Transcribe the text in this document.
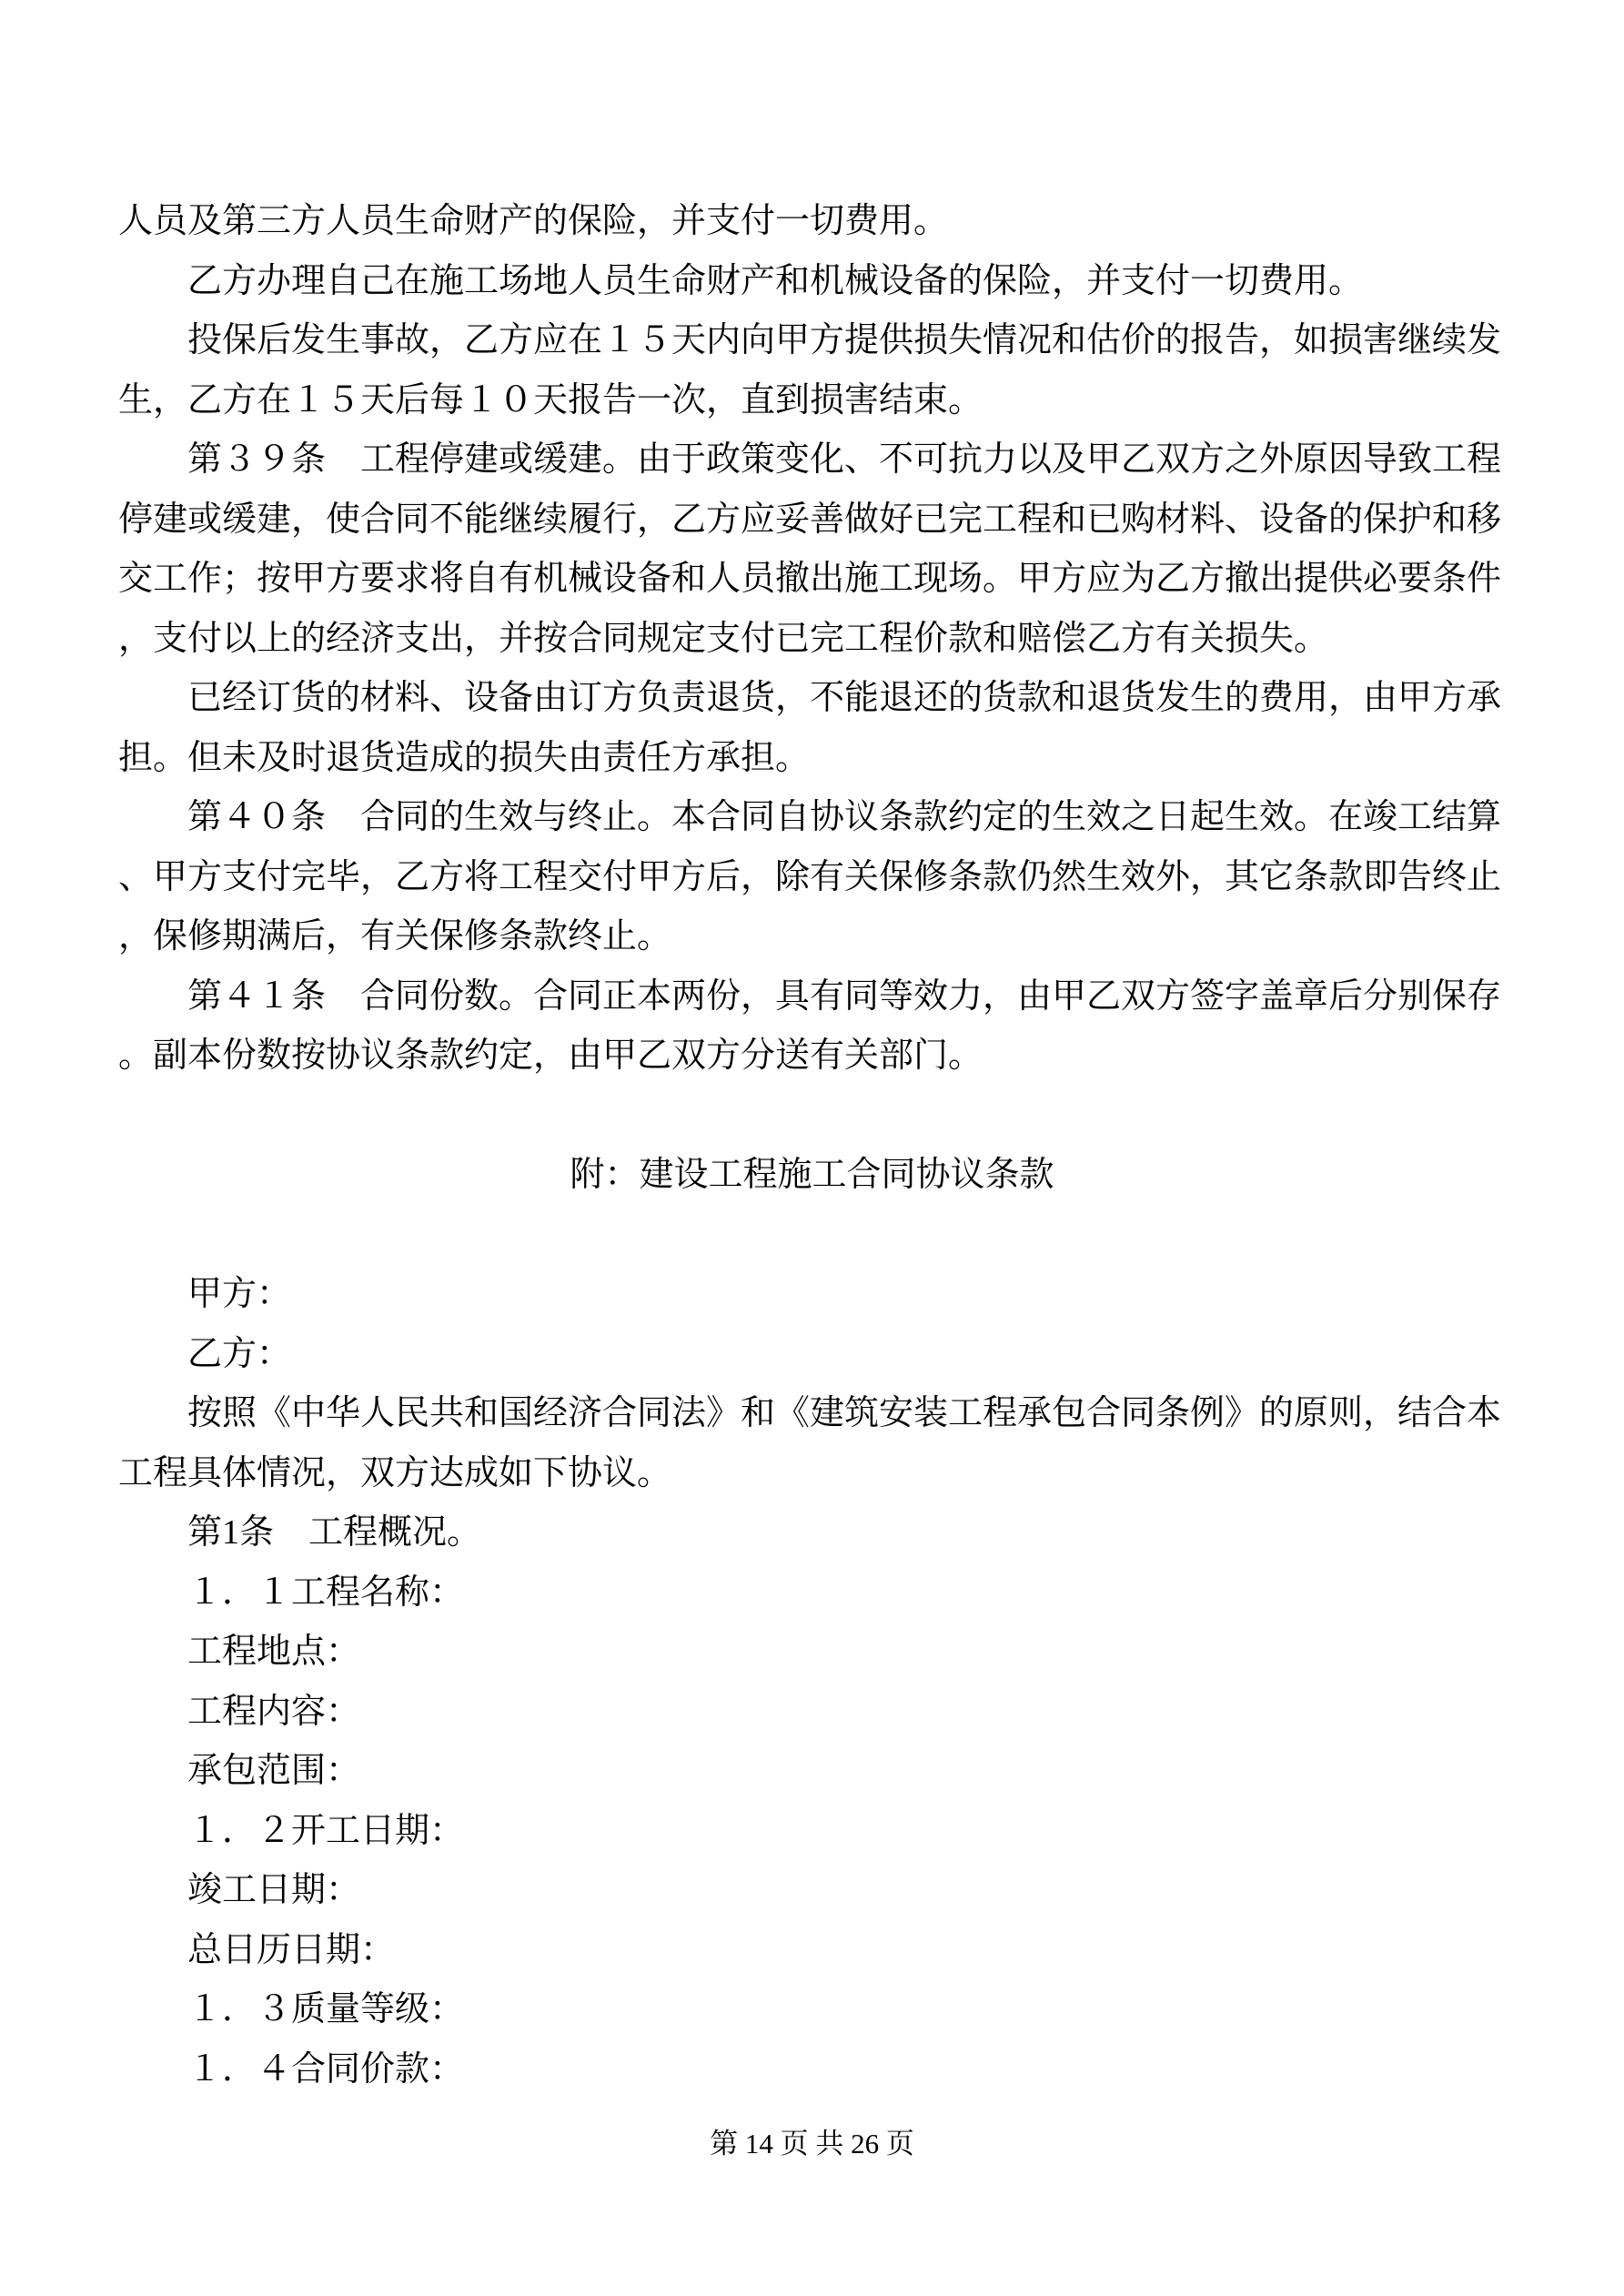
人员及第三方人员生命财产的保险，并支付一切费用。
乙方办理自己在施工场地人员生命财产和机械设备的保险，并支付一切费用。
投保后发生事故，乙方应在１５天内向甲方提供损失情况和估价的报告，如损害继续发
生，乙方在１５天后每１０天报告一次，直到损害结束。
第３９条　工程停建或缓建。由于政策变化、不可抗力以及甲乙双方之外原因导致工程
停建或缓建，使合同不能继续履行，乙方应妥善做好已完工程和已购材料、设备的保护和移
交工作；按甲方要求将自有机械设备和人员撤出施工现场。甲方应为乙方撤出提供必要条件
，支付以上的经济支出，并按合同规定支付已完工程价款和赔偿乙方有关损失。
已经订货的材料、设备由订方负责退货，不能退还的货款和退货发生的费用，由甲方承
担。但未及时退货造成的损失由责任方承担。
第４０条　合同的生效与终止。本合同自协议条款约定的生效之日起生效。在竣工结算
、甲方支付完毕，乙方将工程交付甲方后，除有关保修条款仍然生效外，其它条款即告终止
，保修期满后，有关保修条款终止。
第４１条　合同份数。合同正本两份，具有同等效力，由甲乙双方签字盖章后分别保存
。副本份数按协议条款约定，由甲乙双方分送有关部门。
附：建设工程施工合同协议条款
甲方：
乙方：
按照《中华人民共和国经济合同法》和《建筑安装工程承包合同条例》的原则，结合本
工程具体情况，双方达成如下协议。
第1条　工程概况。
１．１工程名称：
工程地点：
工程内容：
承包范围：
１．２开工日期：
竣工日期：
总日历日期：
１．３质量等级：
１．４合同价款：
第 14 页 共 26 页
